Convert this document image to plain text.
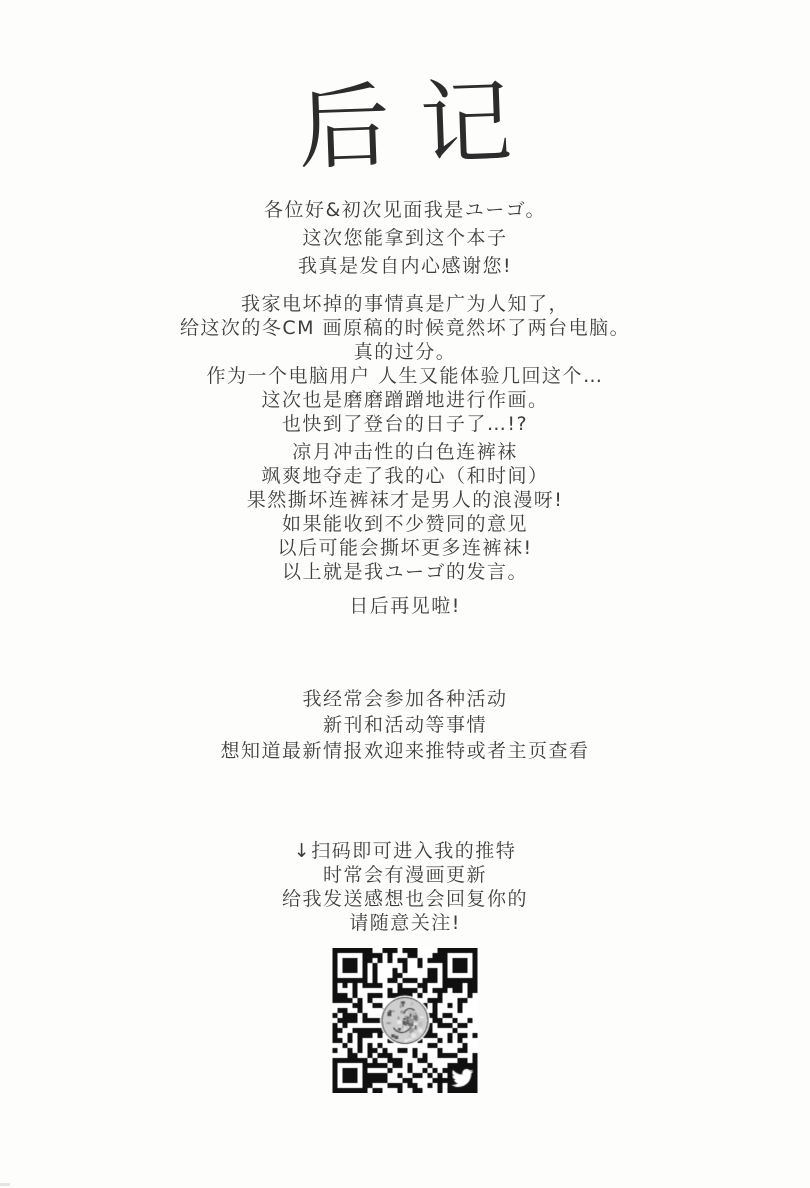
后记
各位好&初次见面我是ユーゴ。
这次您能拿到这个本子
我真是发自内心感谢您!
我家电坏掉的事情真是广为人知了，
给这次的冬CM 画原稿的时候竟然坏了两台电脑。
真的过分。
作为一个电脑用户 人生又能体验几回这个…
这次也是磨磨蹭蹭地进行作画。
也快到了登台的日子了…!?
凉月冲击性的白色连裤袜
飒爽地夺走了我的心（和时间）
果然撕坏连裤袜才是男人的浪漫呀!
如果能收到不少赞同的意见
以后可能会撕坏更多连裤袜!
以上就是我ユーゴ的发言。
日后再见啦!
我经常会参加各种活动
新刊和活动等事情
想知道最新情报欢迎来推特或者主页查看
↓扫码即可进入我的推特
时常会有漫画更新
给我发送感想也会回复你的
请随意关注!
